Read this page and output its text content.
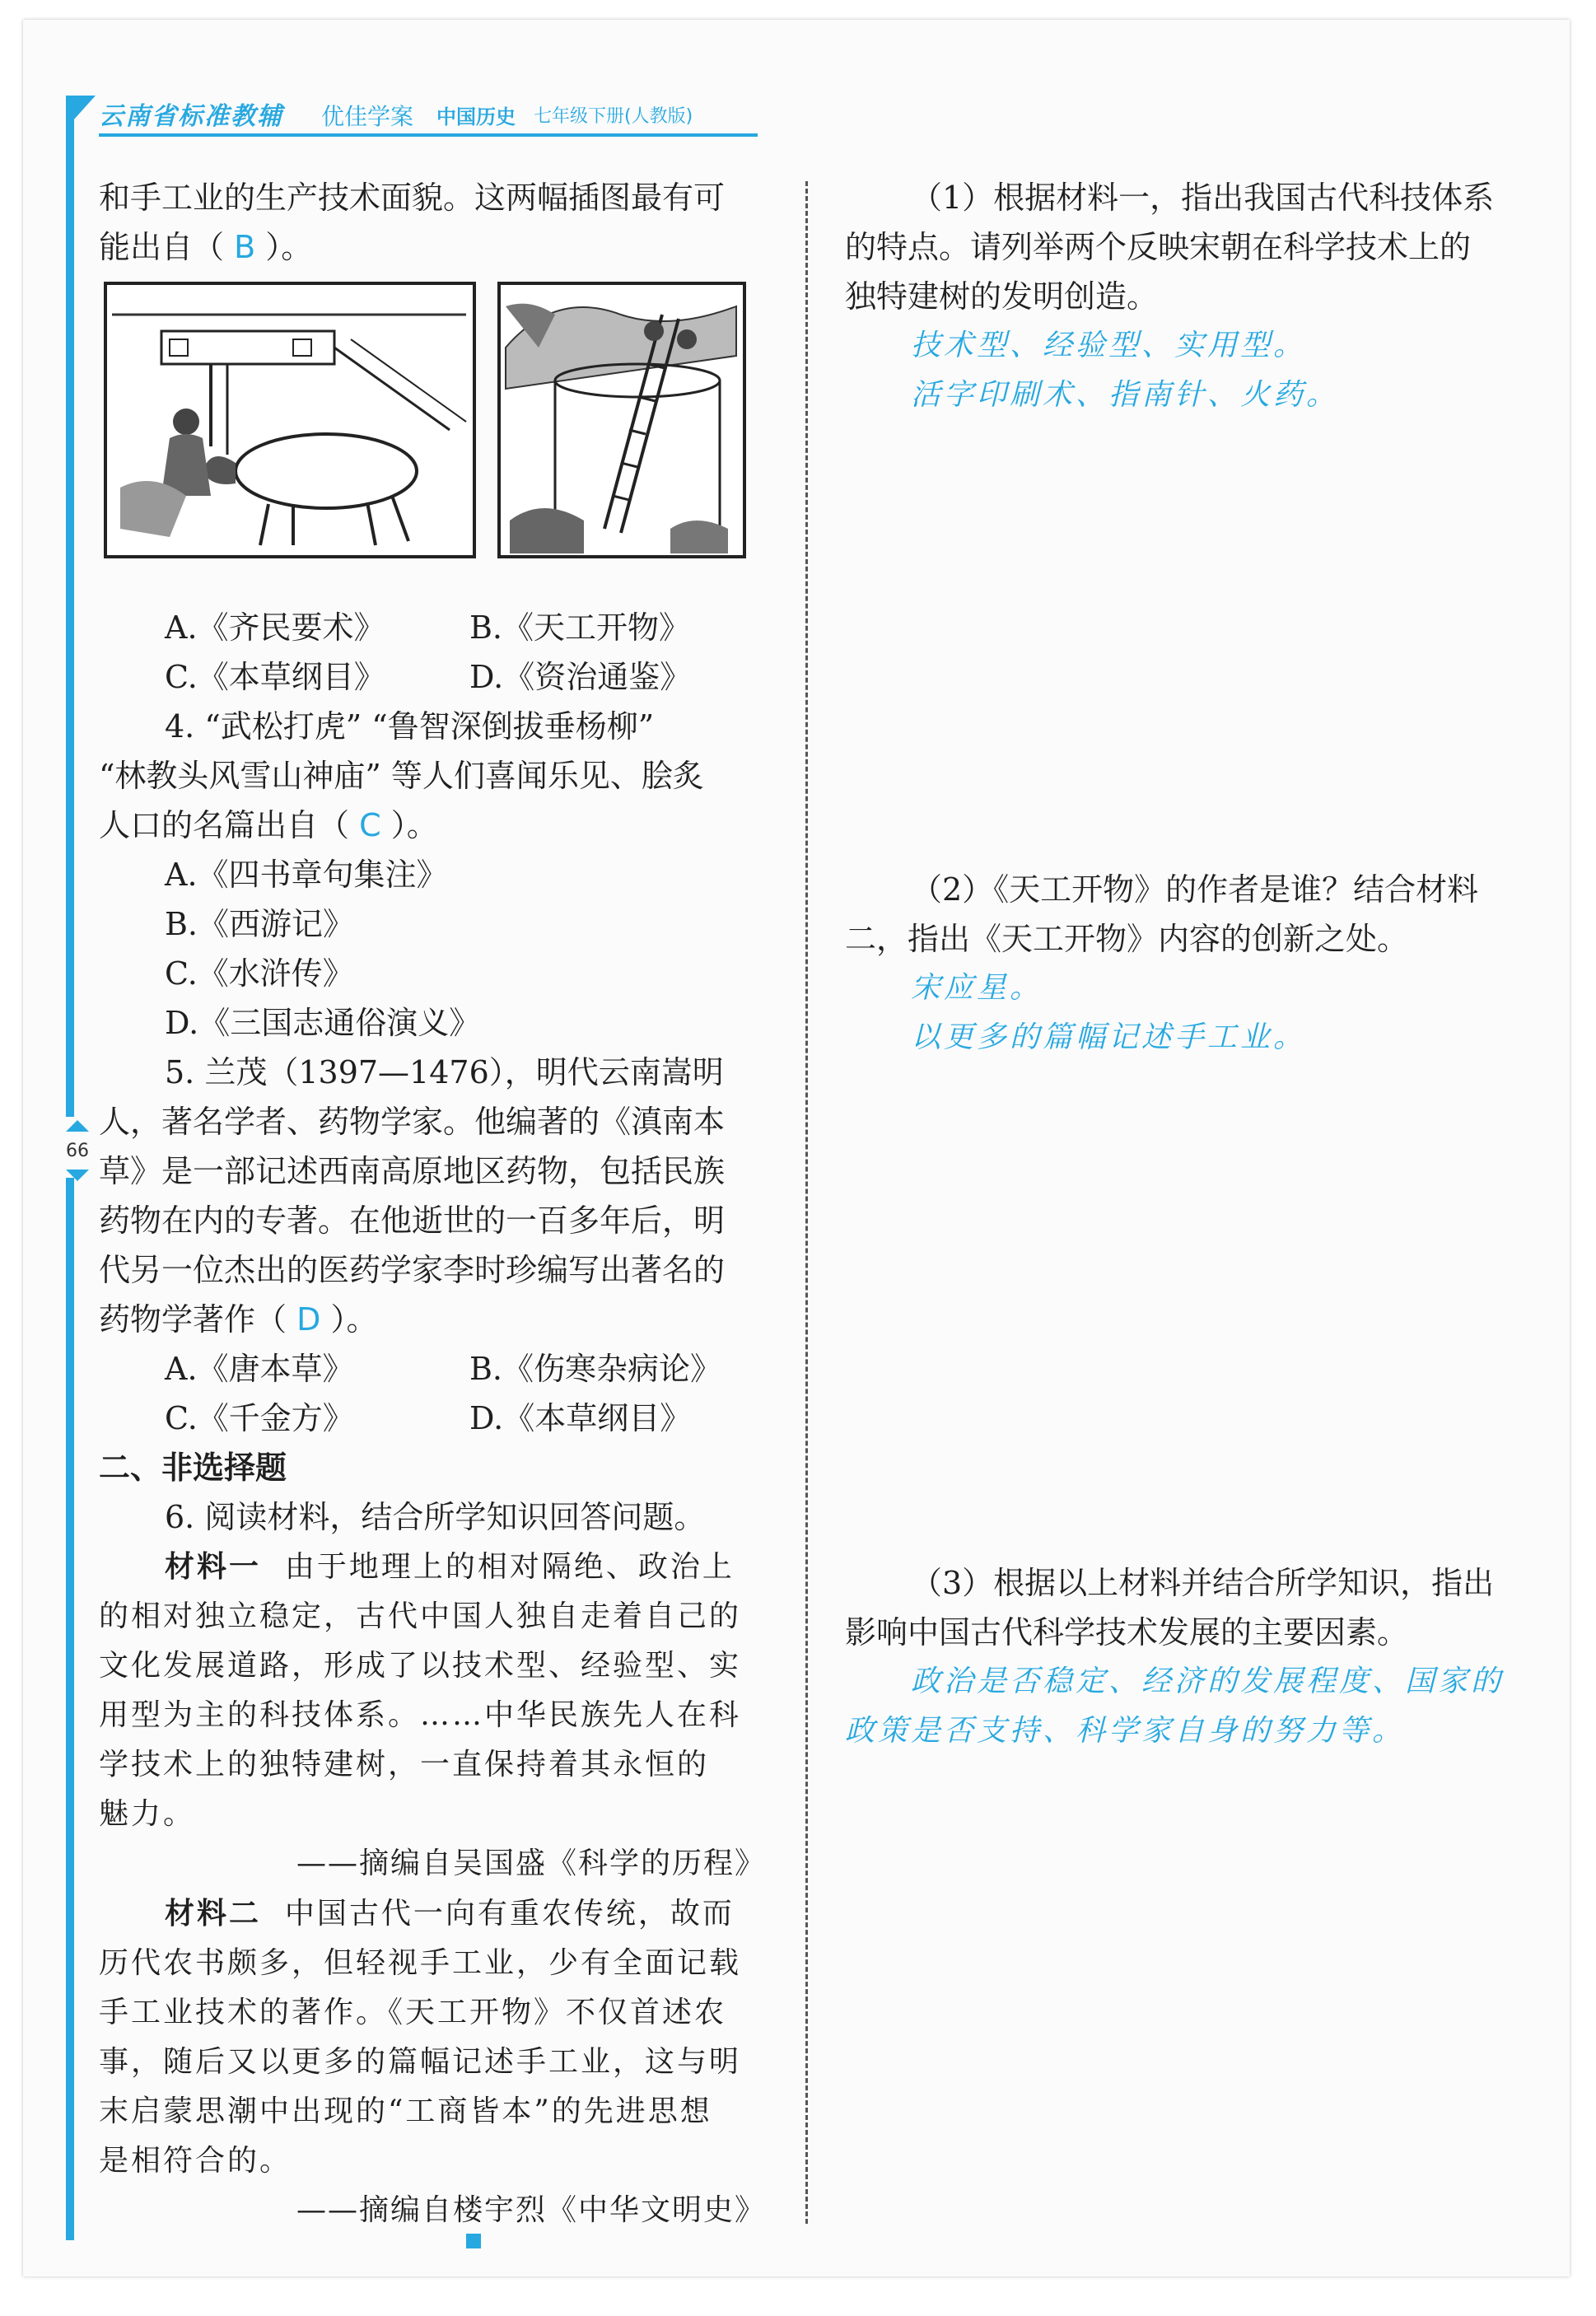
66
云南省标准教辅 优佳学案 中国历史 七年级下册(人教版)
和手工业的生产技术面貌。这两幅插图最有可
能出自（ B ）。
A.《齐民要术》	B.《天工开物》
C.《本草纲目》	D.《资治通鉴》
4. “武松打虎” “鲁智深倒拔垂杨柳”
“林教头风雪山神庙” 等人们喜闻乐见、脍炙
人口的名篇出自（ C ）。
A.《四书章句集注》
B.《西游记》
C.《水浒传》
D.《三国志通俗演义》
5. 兰茂（1397—1476），明代云南嵩明
人，著名学者、药物学家。他编著的《滇南本
草》是一部记述西南高原地区药物，包括民族
药物在内的专著。在他逝世的一百多年后，明
代另一位杰出的医药学家李时珍编写出著名的
药物学著作（ D ）。
A.《唐本草》	B.《伤寒杂病论》
C.《千金方》	D.《本草纲目》
二、非选择题
6. 阅读材料，结合所学知识回答问题。
材料一 由于地理上的相对隔绝、政治上
的相对独立稳定，古代中国人独自走着自己的
文化发展道路，形成了以技术型、经验型、实
用型为主的科技体系。……中华民族先人在科
学技术上的独特建树，一直保持着其永恒的
魅力。
——摘编自吴国盛《科学的历程》
材料二 中国古代一向有重农传统，故而
历代农书颇多，但轻视手工业，少有全面记载
手工业技术的著作。《天工开物》不仅首述农
事，随后又以更多的篇幅记述手工业，这与明
末启蒙思潮中出现的“工商皆本”的先进思想
是相符合的。
——摘编自楼宇烈《中华文明史》
（1）根据材料一，指出我国古代科技体系
的特点。请列举两个反映宋朝在科学技术上的
独特建树的发明创造。
技术型、经验型、实用型。
活字印刷术、指南针、火药。
（2）《天工开物》的作者是谁？结合材料
二，指出《天工开物》内容的创新之处。
宋应星。
以更多的篇幅记述手工业。
（3）根据以上材料并结合所学知识，指出
影响中国古代科学技术发展的主要因素。
政治是否稳定、经济的发展程度、国家的
政策是否支持、科学家自身的努力等。
